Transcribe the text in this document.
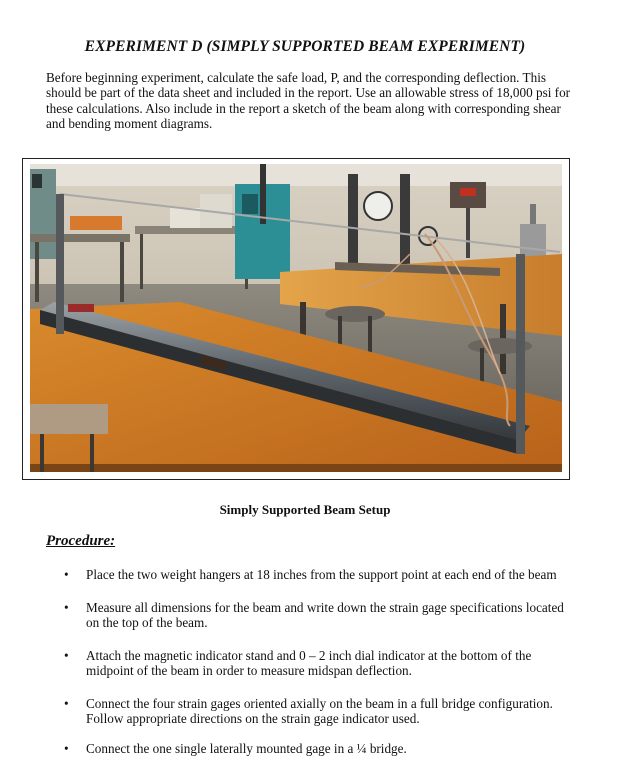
EXPERIMENT D (SIMPLY SUPPORTED BEAM EXPERIMENT)
Before beginning experiment, calculate the safe load, P, and the corresponding deflection. This should be part of the data sheet and included in the report. Use an allowable stress of 18,000 psi for these calculations. Also include in the report a sketch of the beam along with corresponding shear and bending moment diagrams.
Simply Supported Beam Setup
Procedure:
• Place the two weight hangers at 18 inches from the support point at each end of the beam
• Measure all dimensions for the beam and write down the strain gage specifications located on the top of the beam.
• Attach the magnetic indicator stand and 0 – 2 inch dial indicator at the bottom of the midpoint of the beam in order to measure midspan deflection.
• Connect the four strain gages oriented axially on the beam in a full bridge configuration. Follow appropriate directions on the strain gage indicator used.
• Connect the one single laterally mounted gage in a ¼ bridge.
